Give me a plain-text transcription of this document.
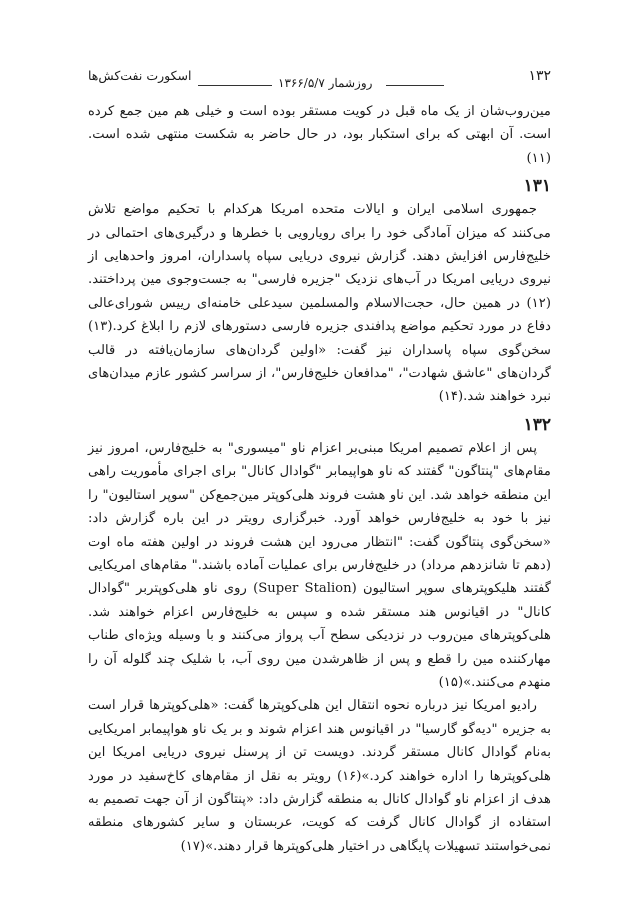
اسکورت نفت‌کش‌ها	روزشمار ۱۳۶۶/۵/۷	۱۳۲

مین‌روب‌شان از یک ماه قبل در کویت مستقر بوده است و خیلی هم مین جمع کرده است. آن ابهتی که برای استکبار بود، در حال حاضر به شکست منتهی شده است.(۱۱)

۱۳۱

جمهوری اسلامی ایران و ایالات متحده امریکا هرکدام با تحکیم مواضع تلاش می‌کنند که میزان آمادگی خود را برای رویارویی با خطرها و درگیری‌های احتمالی در خلیج‌فارس افزایش دهند. گزارش نیروی دریایی سپاه پاسداران، امروز واحدهایی از نیروی دریایی امریکا در آب‌های نزدیک "جزیره فارسی" به جست‌وجوی مین پرداختند.(۱۲) در همین حال، حجت‌الاسلام والمسلمین سیدعلی خامنه‌ای رییس شورای‌عالی دفاع در مورد تحکیم مواضع پدافندی جزیره فارسی دستورهای لازم را ابلاغ کرد.(۱۳) سخن‌گوی سپاه پاسداران نیز گفت: «اولین گردان‌های سازمان‌یافته در قالب گردان‌های "عاشق شهادت"، "مدافعان خلیج‌فارس"، از سراسر کشور عازم میدان‌های نبرد خواهند شد.(۱۴)

۱۳۲

پس از اعلام تصمیم امریکا مبنی‌بر اعزام ناو "میسوری" به خلیج‌فارس، امروز نیز مقام‌های "پنتاگون" گفتند که ناو هواپیمابر "گوادال کانال" برای اجرای مأموریت راهی این منطقه خواهد شد. این ناو هشت فروند هلی‌کوپتر مین‌جمع‌کن "سوپر استالیون" را نیز با خود به خلیج‌فارس خواهد آورد. خبرگزاری رویتر در این باره گزارش داد: «سخن‌گوی پنتاگون گفت: "انتظار می‌رود این هشت فروند در اولین هفته ماه اوت (دهم تا شانزدهم مرداد) در خلیج‌فارس برای عملیات آماده باشند." مقام‌های امریکایی گفتند هلیکوپترهای سوپر استالیون (Super Stalion) روی ناو هلی‌کوپتربر "گوادال کانال" در اقیانوس هند مستقر شده و سپس به خلیج‌فارس اعزام خواهند شد. هلی‌کوپترهای مین‌روب در نزدیکی سطح آب پرواز می‌کنند و با وسیله ویژه‌ای طناب مهارکننده مین را قطع و پس از ظاهرشدن مین روی آب، با شلیک چند گلوله آن را منهدم می‌کنند.»(۱۵)

رادیو امریکا نیز درباره نحوه انتقال این هلی‌کوپترها گفت: «هلی‌کوپترها قرار است به جزیره "دیه‌گو گارسیا" در اقیانوس هند اعزام شوند و بر یک ناو هواپیمابر امریکایی به‌نام گوادال کانال مستقر گردند. دویست تن از پرسنل نیروی دریایی امریکا این هلی‌کوپترها را اداره خواهند کرد.»(۱۶) رویتر به نقل از مقام‌های کاخ‌سفید در مورد هدف از اعزام ناو گوادال کانال به منطقه گزارش داد: «پنتاگون از آن جهت تصمیم به استفاده از گوادال کانال گرفت که کویت، عربستان و سایر کشورهای منطقه نمی‌خواستند تسهیلات پایگاهی در اختیار هلی‌کوپترها قرار دهند.»(۱۷)
